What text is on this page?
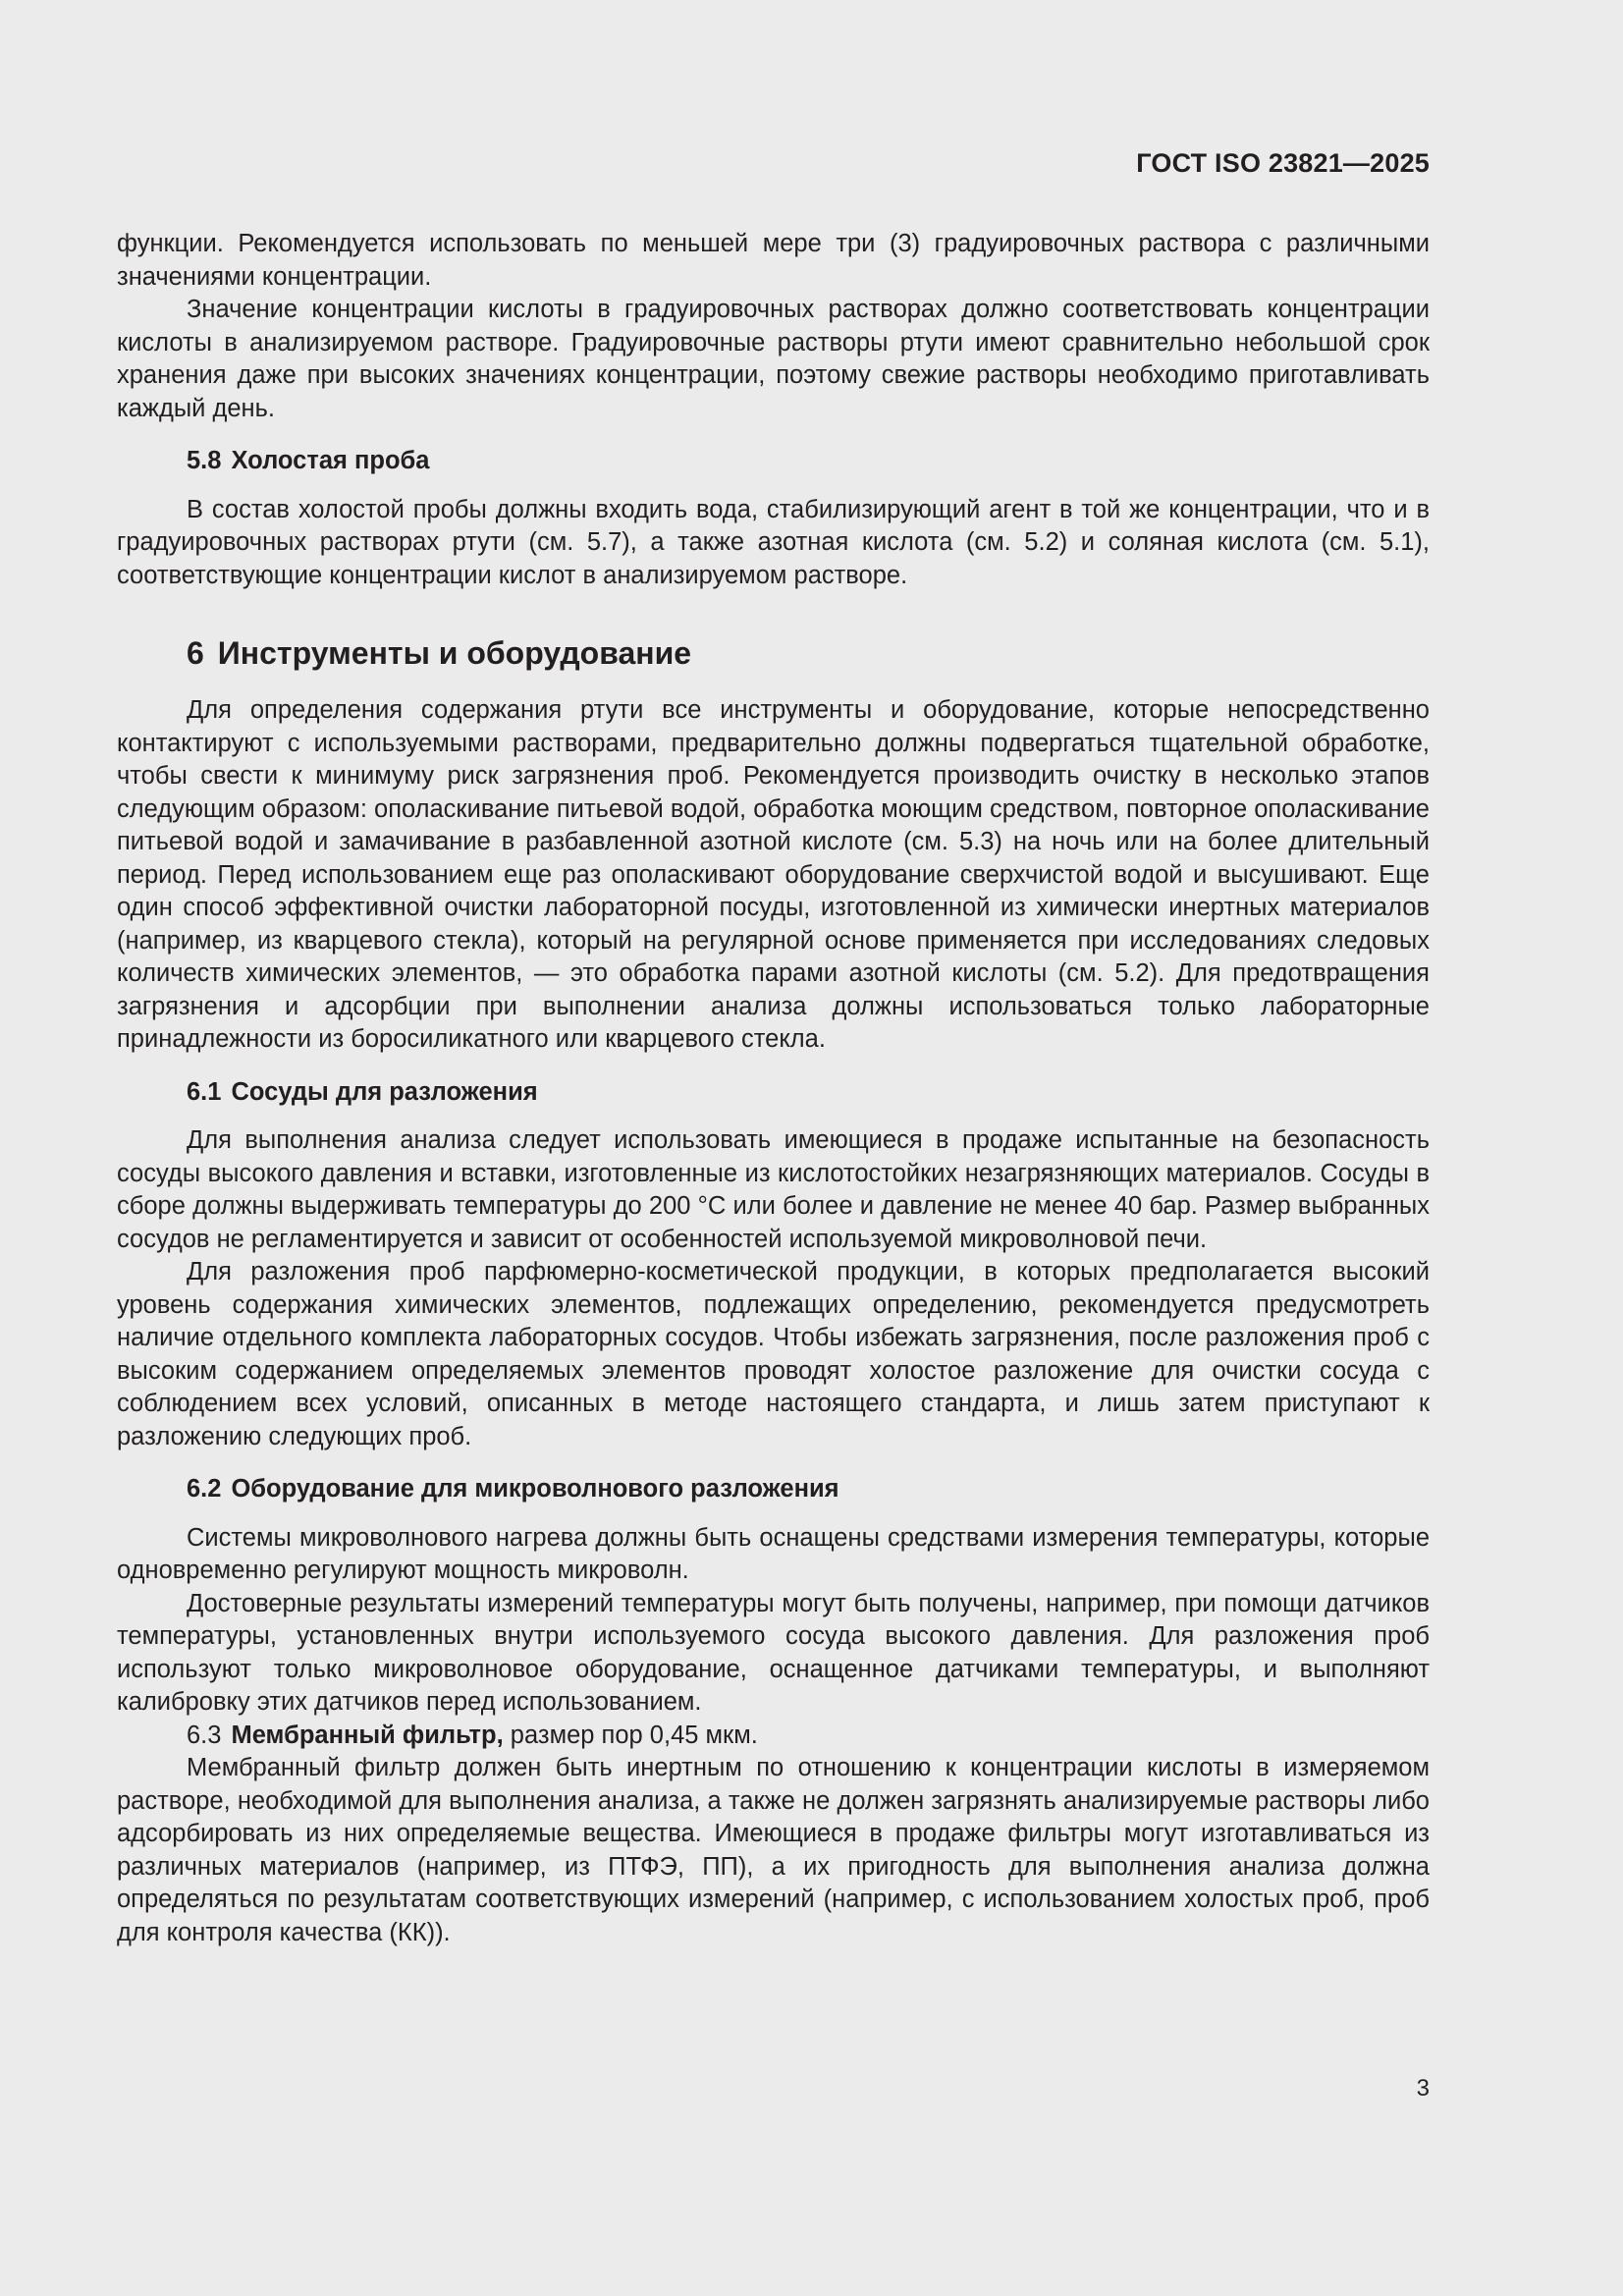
ГОСТ ISO 23821—2025

функции. Рекомендуется использовать по меньшей мере три (3) градуировочных раствора с различными значениями концентрации.

Значение концентрации кислоты в градуировочных растворах должно соответствовать концентрации кислоты в анализируемом растворе. Градуировочные растворы ртути имеют сравнительно небольшой срок хранения даже при высоких значениях концентрации, поэтому свежие растворы необходимо приготавливать каждый день.

5.8 Холостая проба

В состав холостой пробы должны входить вода, стабилизирующий агент в той же концентрации, что и в градуировочных растворах ртути (см. 5.7), а также азотная кислота (см. 5.2) и соляная кислота (см. 5.1), соответствующие концентрации кислот в анализируемом растворе.

6 Инструменты и оборудование

Для определения содержания ртути все инструменты и оборудование, которые непосредственно контактируют с используемыми растворами, предварительно должны подвергаться тщательной обработке, чтобы свести к минимуму риск загрязнения проб. Рекомендуется производить очистку в несколько этапов следующим образом: ополаскивание питьевой водой, обработка моющим средством, повторное ополаскивание питьевой водой и замачивание в разбавленной азотной кислоте (см. 5.3) на ночь или на более длительный период. Перед использованием еще раз ополаскивают оборудование сверхчистой водой и высушивают. Еще один способ эффективной очистки лабораторной посуды, изготовленной из химически инертных материалов (например, из кварцевого стекла), который на регулярной основе применяется при исследованиях следовых количеств химических элементов, — это обработка парами азотной кислоты (см. 5.2). Для предотвращения загрязнения и адсорбции при выполнении анализа должны использоваться только лабораторные принадлежности из боросиликатного или кварцевого стекла.

6.1 Сосуды для разложения

Для выполнения анализа следует использовать имеющиеся в продаже испытанные на безопасность сосуды высокого давления и вставки, изготовленные из кислотостойких незагрязняющих материалов. Сосуды в сборе должны выдерживать температуры до 200 °С или более и давление не менее 40 бар. Размер выбранных сосудов не регламентируется и зависит от особенностей используемой микроволновой печи.

Для разложения проб парфюмерно-косметической продукции, в которых предполагается высокий уровень содержания химических элементов, подлежащих определению, рекомендуется предусмотреть наличие отдельного комплекта лабораторных сосудов. Чтобы избежать загрязнения, после разложения проб с высоким содержанием определяемых элементов проводят холостое разложение для очистки сосуда с соблюдением всех условий, описанных в методе настоящего стандарта, и лишь затем приступают к разложению следующих проб.

6.2 Оборудование для микроволнового разложения

Системы микроволнового нагрева должны быть оснащены средствами измерения температуры, которые одновременно регулируют мощность микроволн.

Достоверные результаты измерений температуры могут быть получены, например, при помощи датчиков температуры, установленных внутри используемого сосуда высокого давления. Для разложения проб используют только микроволновое оборудование, оснащенное датчиками температуры, и выполняют калибровку этих датчиков перед использованием.

6.3 Мембранный фильтр, размер пор 0,45 мкм.

Мембранный фильтр должен быть инертным по отношению к концентрации кислоты в измеряемом растворе, необходимой для выполнения анализа, а также не должен загрязнять анализируемые растворы либо адсорбировать из них определяемые вещества. Имеющиеся в продаже фильтры могут изготавливаться из различных материалов (например, из ПТФЭ, ПП), а их пригодность для выполнения анализа должна определяться по результатам соответствующих измерений (например, с использованием холостых проб, проб для контроля качества (КК)).

3
